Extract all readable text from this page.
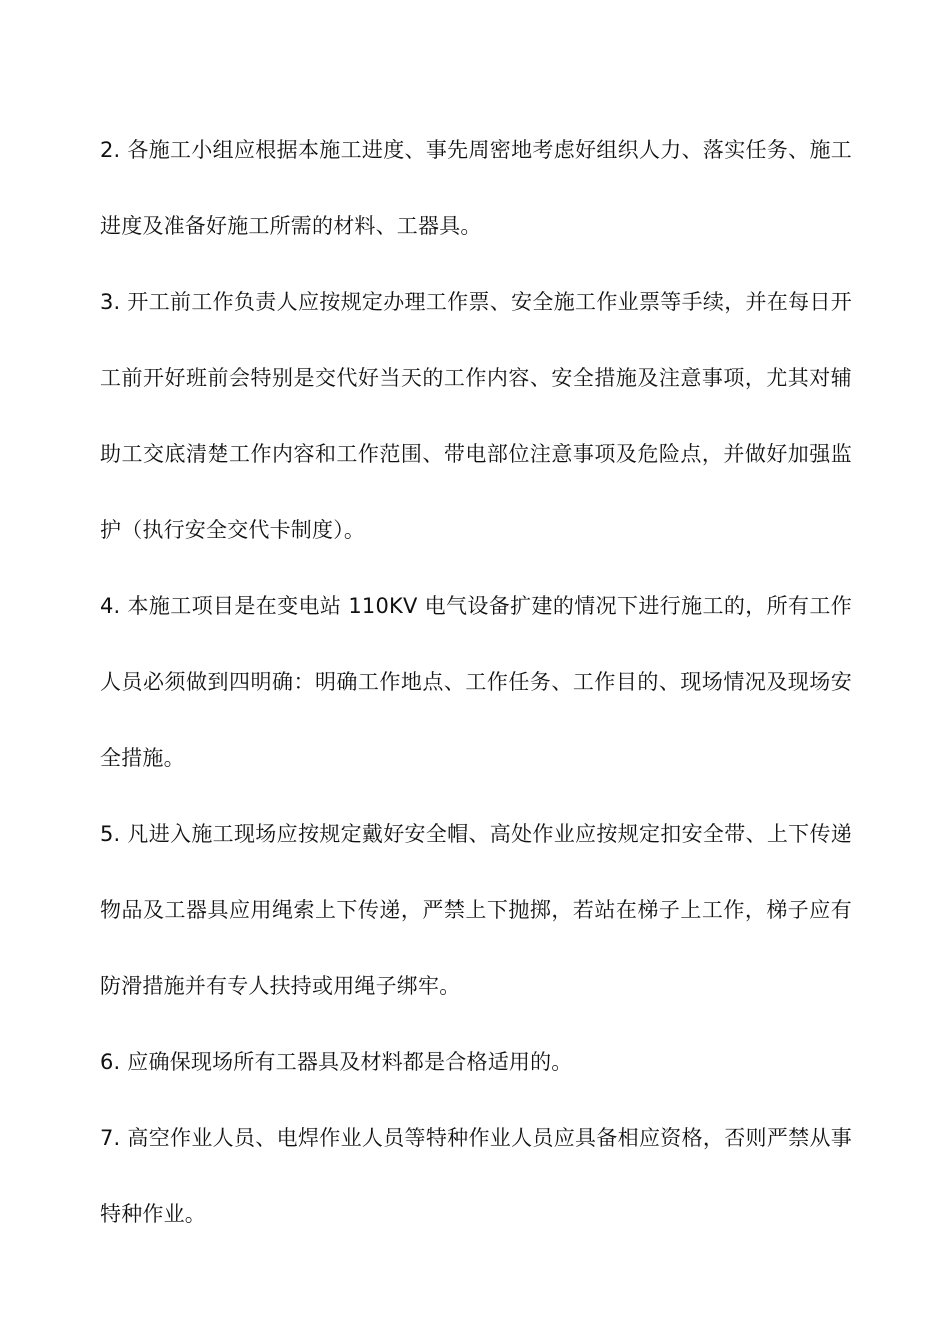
2. 各施工小组应根据本施工进度、事先周密地考虑好组织人力、落实任务、施工进度及准备好施工所需的材料、工器具。

3. 开工前工作负责人应按规定办理工作票、安全施工作业票等手续，并在每日开工前开好班前会特别是交代好当天的工作内容、安全措施及注意事项，尤其对辅助工交底清楚工作内容和工作范围、带电部位注意事项及危险点，并做好加强监护（执行安全交代卡制度）。

4. 本施工项目是在变电站 110KV 电气设备扩建的情况下进行施工的，所有工作人员必须做到四明确：明确工作地点、工作任务、工作目的、现场情况及现场安全措施。

5. 凡进入施工现场应按规定戴好安全帽、高处作业应按规定扣安全带、上下传递物品及工器具应用绳索上下传递，严禁上下抛掷，若站在梯子上工作，梯子应有防滑措施并有专人扶持或用绳子绑牢。

6. 应确保现场所有工器具及材料都是合格适用的。

7. 高空作业人员、电焊作业人员等特种作业人员应具备相应资格，否则严禁从事特种作业。
